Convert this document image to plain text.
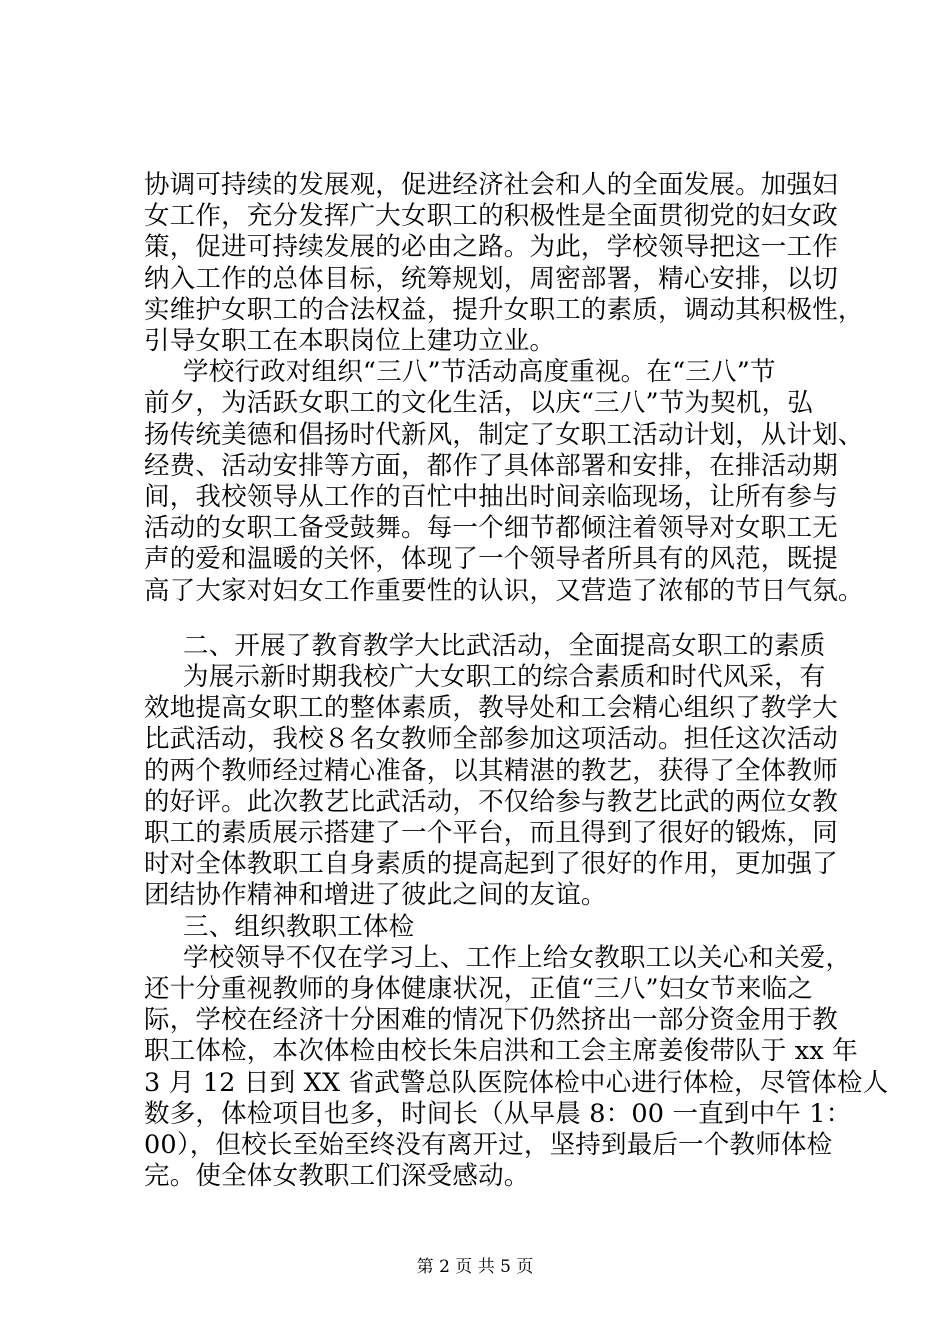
协调可持续的发展观，促进经济社会和人的全面发展。加强妇
女工作，充分发挥广大女职工的积极性是全面贯彻党的妇女政
策，促进可持续发展的必由之路。为此，学校领导把这一工作
纳入工作的总体目标，统筹规划，周密部署，精心安排，以切
实维护女职工的合法权益，提升女职工的素质，调动其积极性，
引导女职工在本职岗位上建功立业。
学校行政对组织“三八”节活动高度重视。在“三八”节
前夕，为活跃女职工的文化生活，以庆“三八”节为契机，弘
扬传统美德和倡扬时代新风，制定了女职工活动计划，从计划、
经费、活动安排等方面，都作了具体部署和安排，在排活动期
间，我校领导从工作的百忙中抽出时间亲临现场，让所有参与
活动的女职工备受鼓舞。每一个细节都倾注着领导对女职工无
声的爱和温暖的关怀，体现了一个领导者所具有的风范，既提
高了大家对妇女工作重要性的认识，又营造了浓郁的节日气氛。
二、开展了教育教学大比武活动，全面提高女职工的素质
为展示新时期我校广大女职工的综合素质和时代风采，有
效地提高女职工的整体素质，教导处和工会精心组织了教学大
比武活动，我校８名女教师全部参加这项活动。担任这次活动
的两个教师经过精心准备，以其精湛的教艺，获得了全体教师
的好评。此次教艺比武活动，不仅给参与教艺比武的两位女教
职工的素质展示搭建了一个平台，而且得到了很好的锻炼，同
时对全体教职工自身素质的提高起到了很好的作用，更加强了
团结协作精神和增进了彼此之间的友谊。
三、组织教职工体检
学校领导不仅在学习上、工作上给女教职工以关心和关爱，
还十分重视教师的身体健康状况，正值“三八”妇女节来临之
际，学校在经济十分困难的情况下仍然挤出一部分资金用于教
职工体检，本次体检由校长朱启洪和工会主席姜俊带队于 xx 年
3 月 12 日到 XX 省武警总队医院体检中心进行体检，尽管体检人
数多，体检项目也多，时间长（从早晨 8：00 一直到中午 1：
00），但校长至始至终没有离开过，坚持到最后一个教师体检
完。使全体女教职工们深受感动。
第 2 页 共 5 页
